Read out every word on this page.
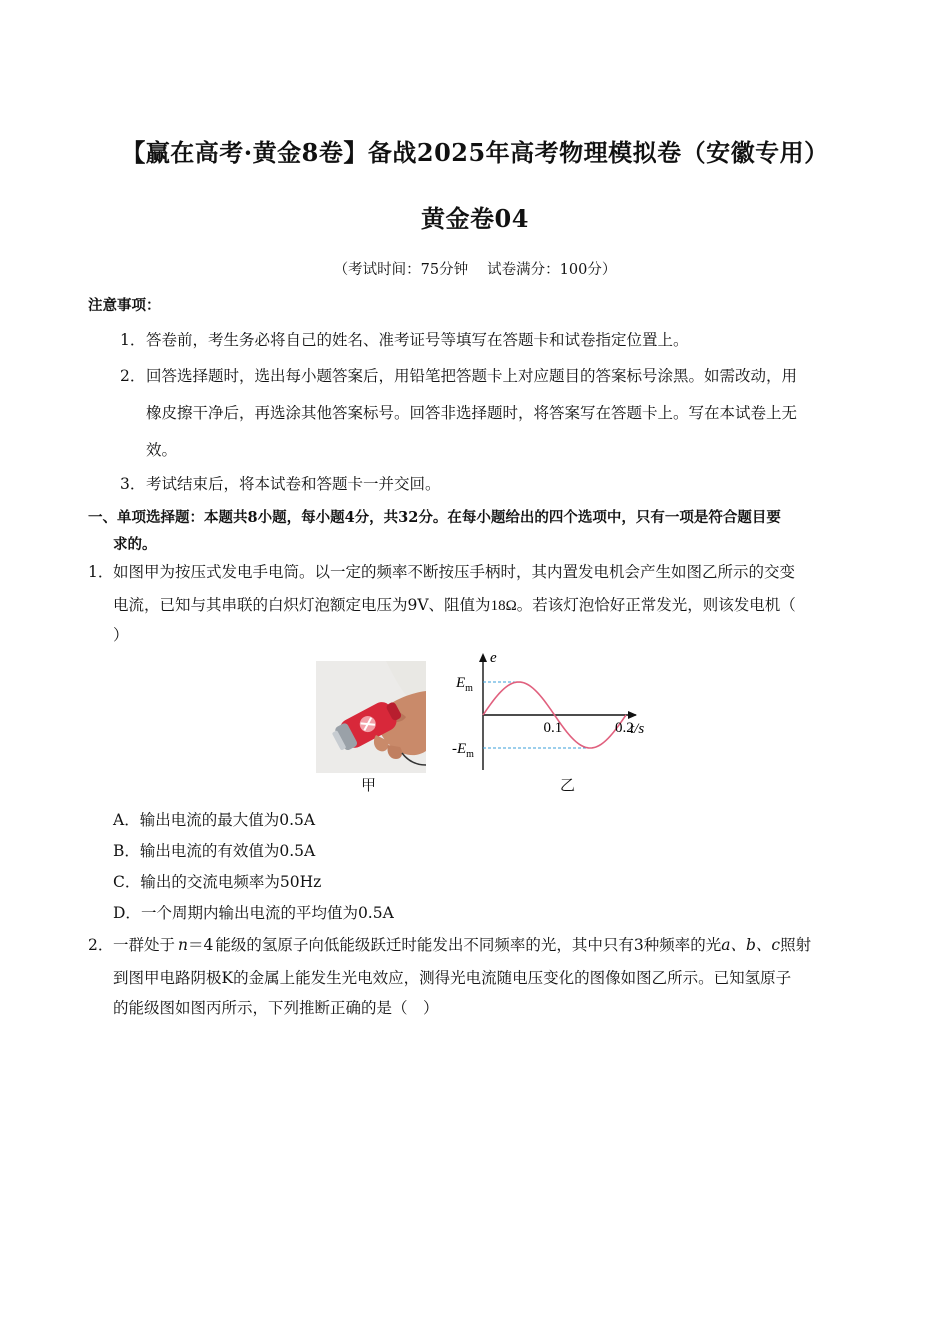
【赢在高考·黄金8卷】备战2025年高考物理模拟卷（安徽专用）
黄金卷04
（考试时间：75分钟　 试卷满分：100分）
注意事项：
1． 答卷前，考生务必将自己的姓名、准考证号等填写在答题卡和试卷指定位置上。
2． 回答选择题时，选出每小题答案后，用铅笔把答题卡上对应题目的答案标号涂黑。如需改动，用
橡皮擦干净后，再选涂其他答案标号。回答非选择题时，将答案写在答题卡上。写在本试卷上无
效。
3． 考试结束后，将本试卷和答题卡一并交回。
一、单项选择题：本题共8小题，每小题4分，共32分。在每小题给出的四个选项中，只有一项是符合题目要
求的。
1． 如图甲为按压式发电手电筒。以一定的频率不断按压手柄时，其内置发电机会产生如图乙所示的交变
电流，已知与其串联的白炽灯泡额定电压为9V、阻值为18Ω。若该灯泡恰好正常发光，则该发电机（
）
甲
0.1	0.2
t/s
e
$E_m$
$-E_m$
乙
A．输出电流的最大值为0.5A
B．输出电流的有效值为0.5A
C．输出的交流电频率为50Hz
D．一个周期内输出电流的平均值为0.5A
2． 一群处于 n＝4 能级的氢原子向低能级跃迁时能发出不同频率的光，其中只有3种频率的光a、b、c照射
到图甲电路阴极K的金属上能发生光电效应，测得光电流随电压变化的图像如图乙所示。已知氢原子
的能级图如图丙所示，下列推断正确的是（　）
